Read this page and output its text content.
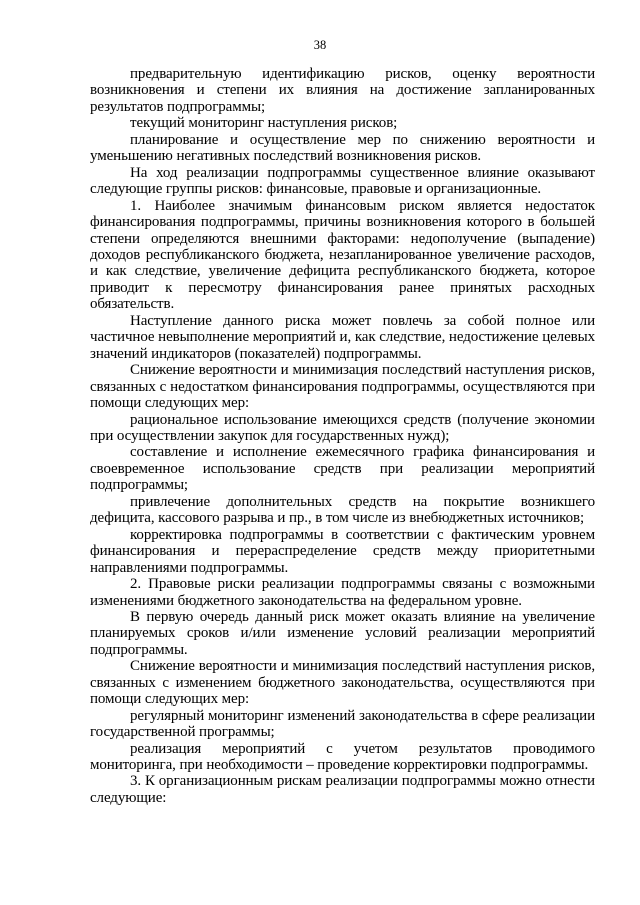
38

предварительную идентификацию рисков, оценку вероятности возникновения и степени их влияния на достижение запланированных результатов подпрограммы;

текущий мониторинг наступления рисков;

планирование и осуществление мер по снижению вероятности и уменьшению негативных последствий возникновения рисков.

На ход реализации подпрограммы существенное влияние оказывают следующие группы рисков: финансовые, правовые и организационные.

1. Наиболее значимым финансовым риском является недостаток финансирования подпрограммы, причины возникновения которого в большей степени определяются внешними факторами: недополучение (выпадение) доходов республиканского бюджета, незапланированное увеличение расходов, и как следствие, увеличение дефицита республиканского бюджета, которое приводит к пересмотру финансирования ранее принятых расходных обязательств.

Наступление данного риска может повлечь за собой полное или частичное невыполнение мероприятий и, как следствие, недостижение целевых значений индикаторов (показателей) подпрограммы.

Снижение вероятности и минимизация последствий наступления рисков, связанных с недостатком финансирования подпрограммы, осуществляются при помощи следующих мер:

рациональное использование имеющихся средств (получение экономии при осуществлении закупок для государственных нужд);

составление и исполнение ежемесячного графика финансирования и своевременное использование средств при реализации мероприятий подпрограммы;

привлечение дополнительных средств на покрытие возникшего дефицита, кассового разрыва и пр., в том числе из внебюджетных источников;

корректировка подпрограммы в соответствии с фактическим уровнем финансирования и перераспределение средств между приоритетными направлениями подпрограммы.

2. Правовые риски реализации подпрограммы связаны с возможными изменениями бюджетного законодательства на федеральном уровне.

В первую очередь данный риск может оказать влияние на увеличение планируемых сроков и/или изменение условий реализации мероприятий подпрограммы.

Снижение вероятности и минимизация последствий наступления рисков, связанных с изменением бюджетного законодательства, осуществляются при помощи следующих мер:

регулярный мониторинг изменений законодательства в сфере реализации государственной программы;

реализация мероприятий с учетом результатов проводимого мониторинга, при необходимости – проведение корректировки подпрограммы.

3. К организационным рискам реализации подпрограммы можно отнести следующие:
